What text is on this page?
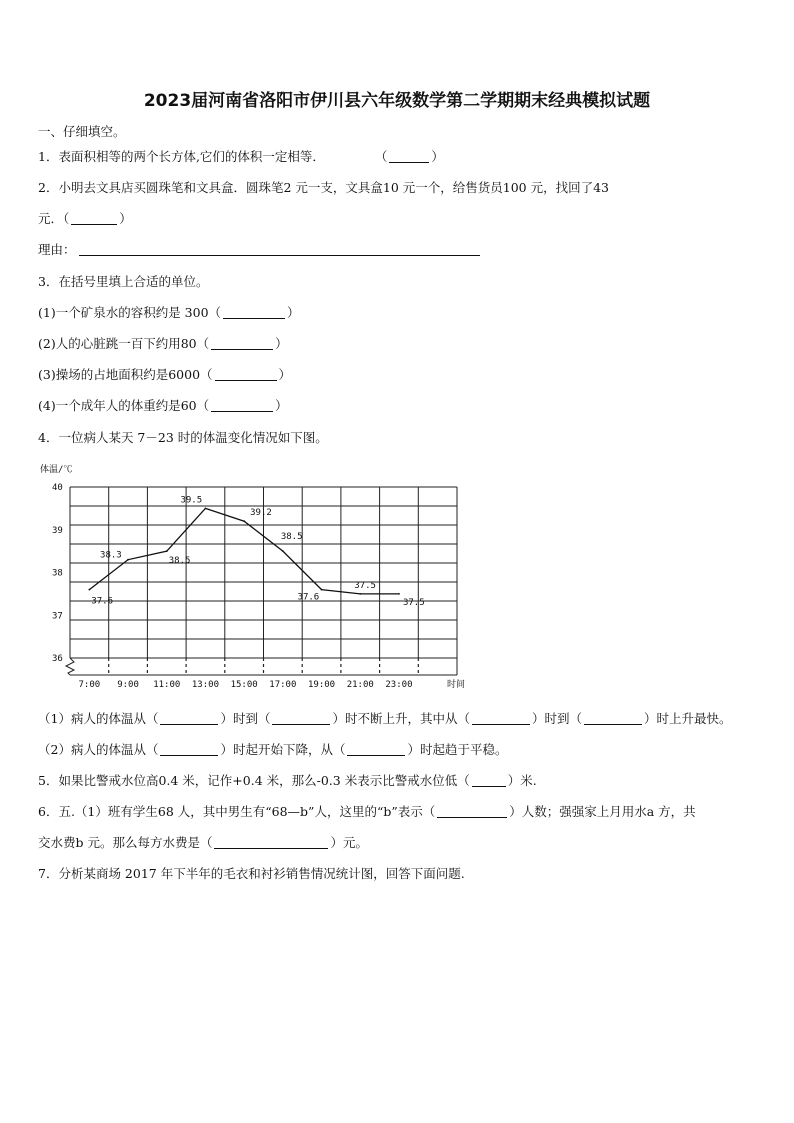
2023届河南省洛阳市伊川县六年级数学第二学期期末经典模拟试题
一、仔细填空。
1．表面积相等的两个长方体,它们的体积一定相等．	（	）
2．小明去文具店买圆珠笔和文具盒．圆珠笔2 元一支，文具盒10 元一个，给售货员100 元，找回了43
元．（	）
理由：
3．在括号里填上合适的单位。
(1)一个矿泉水的容积约是 300（	）
(2)人的心脏跳一百下约用80（	）
(3)操场的占地面积约是6000（	）
(4)一个成年人的体重约是60（	）
4．一位病人某天 7－23 时的体温变化情况如下图。
体温/℃
40
39
38
37
36
7:00 9:00 11:00 13:00 15:00 17:00 19:00 21:00 23:00	时间
37.6
38.3
38.5
39.5
39.2
38.5
37.6
37.5
37.5
（1）病人的体温从（	）时到（	）时不断上升，其中从（	）时到（	）时上升最快。
（2）病人的体温从（	）时起开始下降，从（	）时起趋于平稳。
5．如果比警戒水位高0.4 米，记作+0.4 米，那么-0.3 米表示比警戒水位低（	）米.
6．五.（1）班有学生68 人，其中男生有“68—b”人，这里的“b”表示（	）人数；强强家上月用水a 方，共
交水费b 元。那么每方水费是（	）元。
7．分析某商场 2017 年下半年的毛衣和衬衫销售情况统计图，回答下面问题.
